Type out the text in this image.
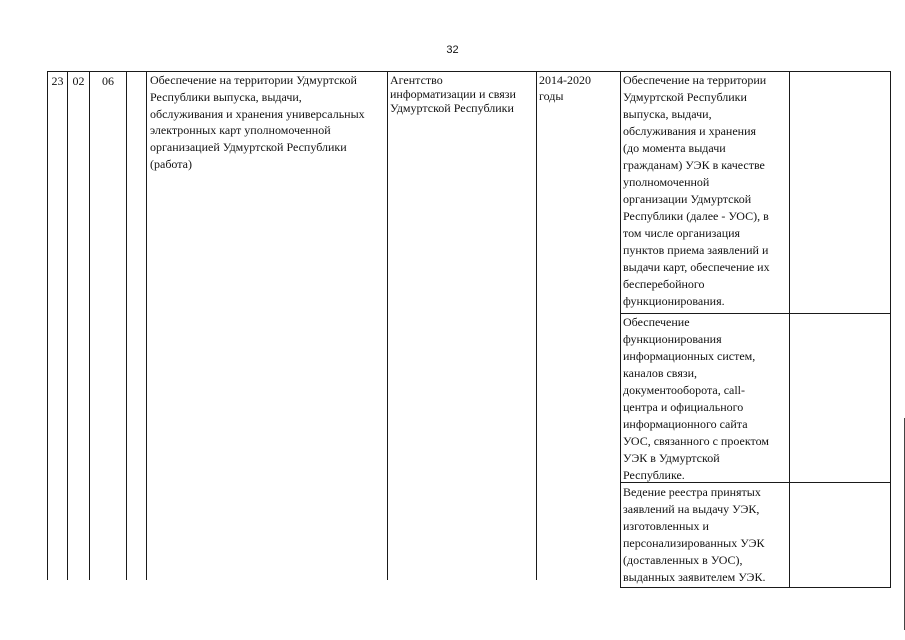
32
23 02	06	Обеспечение на территории Удмуртской
Республики выпуска, выдачи,
обслуживания и хранения универсальных
электронных карт уполномоченной
организацией Удмуртской Республики
(работа)
Агентство
информатизации и связи
Удмуртской Республики
2014-2020
годы
Обеспечение на территории
Удмуртской Республики
выпуска, выдачи,
обслуживания и хранения
(до момента выдачи
гражданам) УЭК в качестве
уполномоченной
организации Удмуртской
Республики (далее - УОС), в
том числе организация
пунктов приема заявлений и
выдачи карт, обеспечение их
бесперебойного
функционирования.
Обеспечение
функционирования
информационных систем,
каналов связи,
документооборота, call-
центра и официального
информационного сайта
УОС, связанного с проектом
УЭК в Удмуртской
Республике.
Ведение реестра принятых
заявлений на выдачу УЭК,
изготовленных и
персонализированных УЭК
(доставленных в УОС),
выданных заявителем УЭК.
